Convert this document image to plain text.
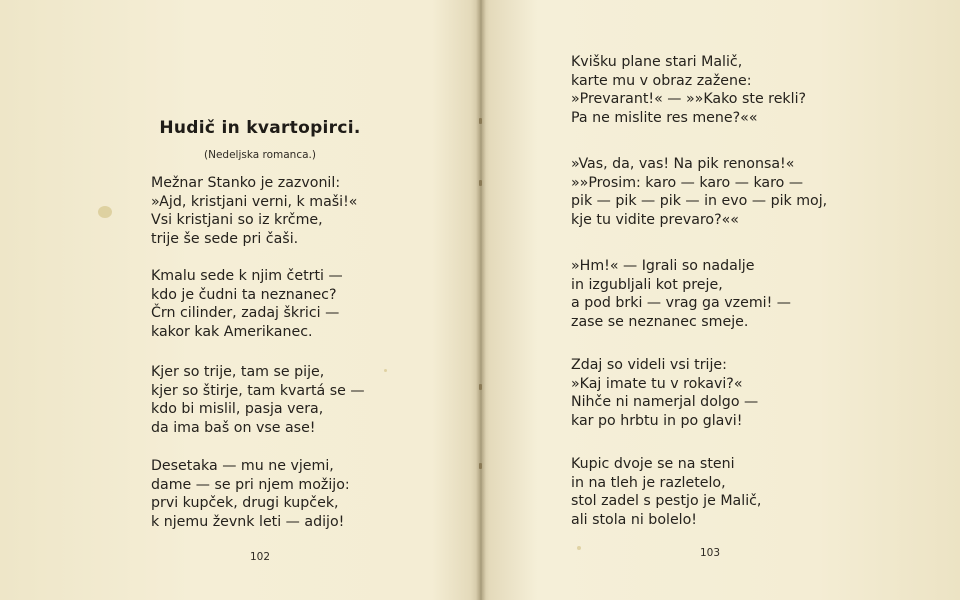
Hudič in kvartopirci.
(Nedeljska romanca.)
Mežnar Stanko je zazvonil:
»Ajd, kristjani verni, k maši!«
Vsi kristjani so iz krčme,
trije še sede pri čaši.
Kmalu sede k njim četrti —
kdo je čudni ta neznanec?
Črn cilinder, zadaj škrici —
kakor kak Amerikanec.
Kjer so trije, tam se pije,
kjer so štirje, tam kvartá se —
kdo bi mislil, pasja vera,
da ima baš on vse ase!
Desetaka — mu ne vjemi,
dame — se pri njem možijo:
prvi kupček, drugi kupček,
k njemu ževnk leti — adijo!
102
Kvišku plane stari Malič,
karte mu v obraz zažene:
»Prevarant!« — »»Kako ste rekli?
Pa ne mislite res mene?««
»Vas, da, vas! Na pik renonsa!«
»»Prosim: karo — karo — karo —
pik — pik — pik — in evo — pik moj,
kje tu vidite prevaro?««
»Hm!« — Igrali so nadalje
in izgubljali kot preje,
a pod brki — vrag ga vzemi! —
zase se neznanec smeje.
Zdaj so videli vsi trije:
»Kaj imate tu v rokavi?«
Nihče ni namerjal dolgo —
kar po hrbtu in po glavi!
Kupic dvoje se na steni
in na tleh je razletelo,
stol zadel s pestjo je Malič,
ali stola ni bolelo!
103
